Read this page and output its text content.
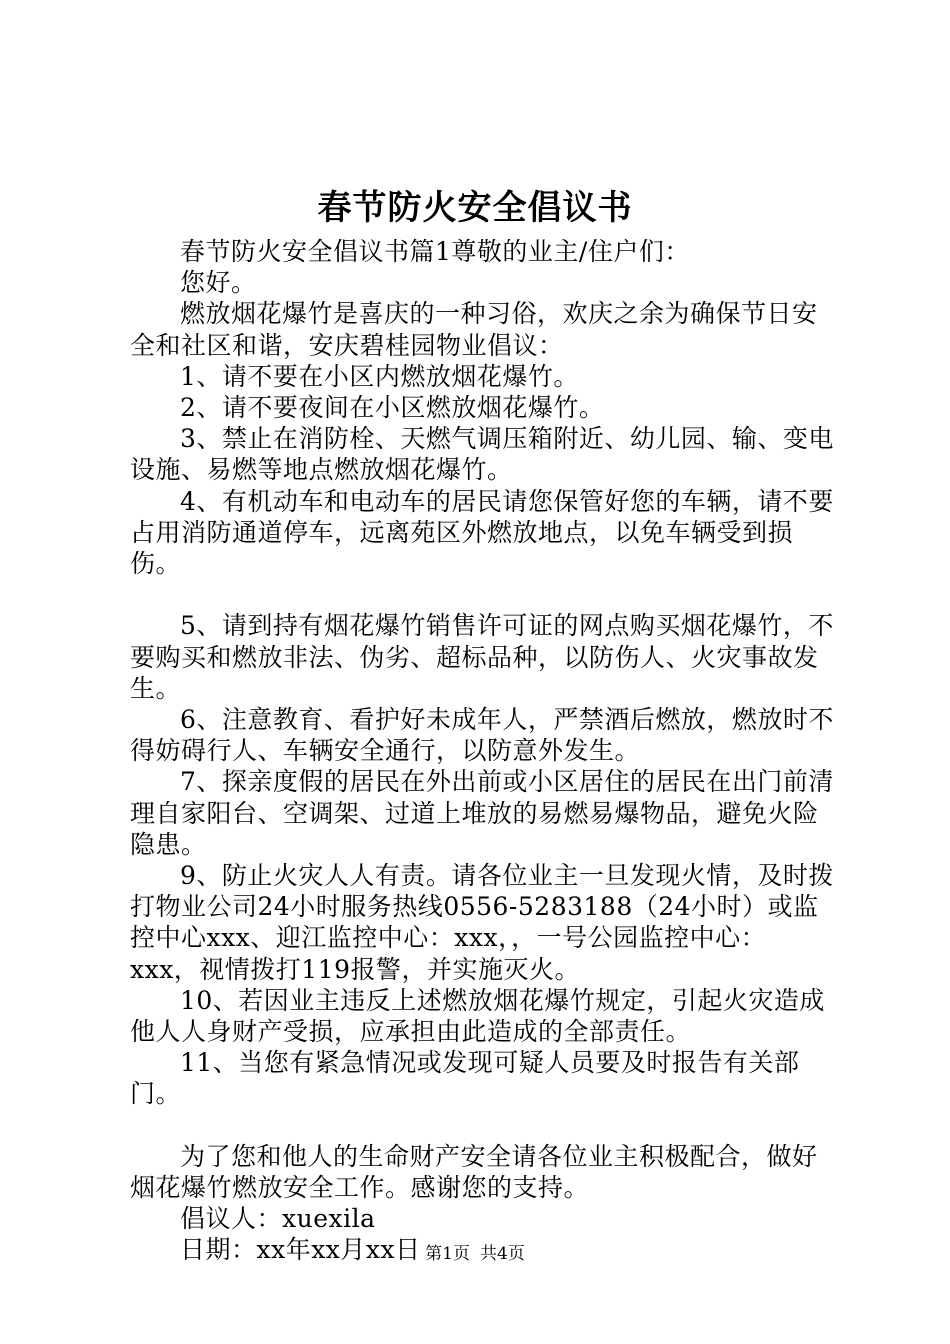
春节防火安全倡议书

春节防火安全倡议书篇1尊敬的业主/住户们：

您好。

燃放烟花爆竹是喜庆的一种习俗，欢庆之余为确保节日安全和社区和谐，安庆碧桂园物业倡议：

1、请不要在小区内燃放烟花爆竹。

2、请不要夜间在小区燃放烟花爆竹。

3、禁止在消防栓、天燃气调压箱附近、幼儿园、输、变电设施、易燃等地点燃放烟花爆竹。

4、有机动车和电动车的居民请您保管好您的车辆，请不要占用消防通道停车，远离苑区外燃放地点，以免车辆受到损伤。

5、请到持有烟花爆竹销售许可证的网点购买烟花爆竹，不要购买和燃放非法、伪劣、超标品种，以防伤人、火灾事故发生。

6、注意教育、看护好未成年人，严禁酒后燃放，燃放时不得妨碍行人、车辆安全通行，以防意外发生。

7、探亲度假的居民在外出前或小区居住的居民在出门前清理自家阳台、空调架、过道上堆放的易燃易爆物品，避免火险隐患。

9、防止火灾人人有责。请各位业主一旦发现火情，及时拨打物业公司24小时服务热线0556-5283188（24小时）或监控中心xxx、迎江监控中心：xxx，，一号公园监控中心：xxx，视情拨打119报警，并实施灭火。

10、若因业主违反上述燃放烟花爆竹规定，引起火灾造成他人人身财产受损，应承担由此造成的全部责任。

11、当您有紧急情况或发现可疑人员要及时报告有关部门。

为了您和他人的生命财产安全请各位业主积极配合，做好烟花爆竹燃放安全工作。感谢您的支持。

倡议人：xuexila

日期：xx年xx月xx日 第1页 共4页
